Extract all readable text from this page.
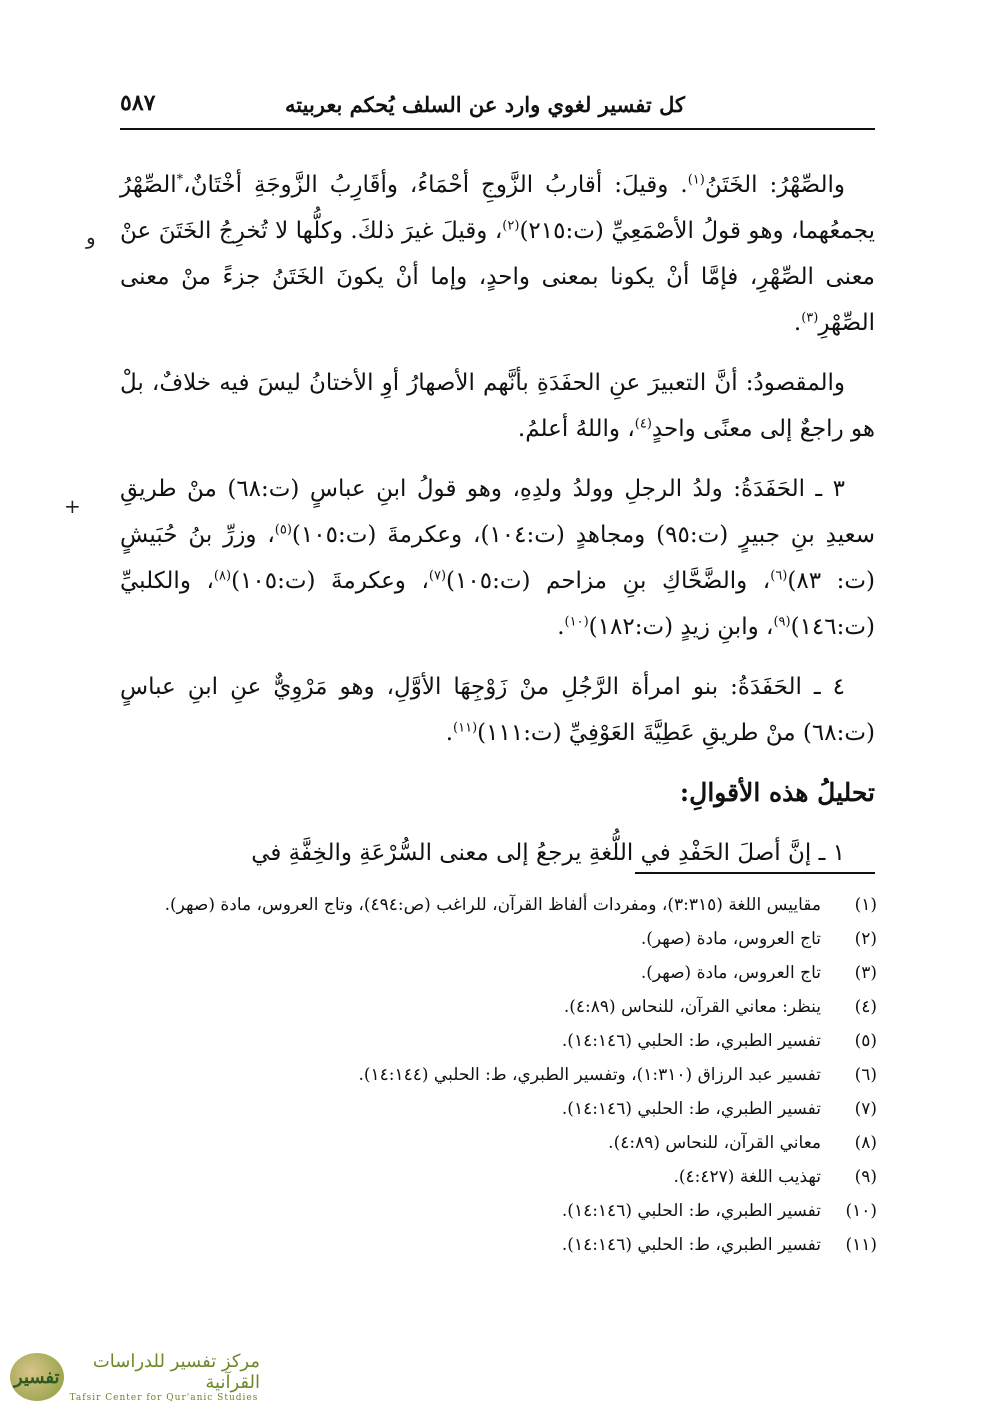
كل تفسير لغوي وارد عن السلف يُحكم بعربيته
٥٨٧
و
+

والصِّهْرُ: الخَتَنُ$^{(١)}$. وقيلَ: أقاربُ الزَّوجِ أحْمَاءُ، وأقَارِبُ الزَّوجَةِ أخْتَانٌ،*الصِّهْرُ يجمعُهما، وهو قولُ الأصْمَعِيِّ (ت:٢١٥)$^{(٢)}$، وقيلَ غيرَ ذلكَ. وكلُّها لا تُخرِجُ الخَتَنَ عنْ معنى الصِّهْرِ، فإمَّا أنْ يكونا بمعنى واحدٍ، وإما أنْ يكونَ الخَتَنُ جزءً منْ معنى الصِّهْرِ$^{(٣)}$.

والمقصودُ: أنَّ التعبيرَ عنِ الحفَدَةِ بأنَّهم الأصهارُ أوِ الأختانُ ليسَ فيه خلافٌ، بلْ هو راجعٌ إلى معنًى واحدٍ$^{(٤)}$، واللهُ أعلمُ.

٣ ـ الحَفَدَةُ: ولدُ الرجلِ وولدُ ولدِهِ، وهو قولُ ابنِ عباسٍ (ت:٦٨) منْ طريقِ سعيدِ بنِ جبيرٍ (ت:٩٥) ومجاهدٍ (ت:١٠٤)، وعكرمةَ (ت:١٠٥)$^{(٥)}$، وزرِّ بنُ حُبَيشٍ (ت: ٨٣)$^{(٦)}$، والضَّحَّاكِ بنِ مزاحم (ت:١٠٥)$^{(٧)}$، وعكرمةَ (ت:١٠٥)$^{(٨)}$، والكلبيِّ (ت:١٤٦)$^{(٩)}$، وابنِ زيدٍ (ت:١٨٢)$^{(١٠)}$.

٤ ـ الحَفَدَةُ: بنو امرأة الرَّجُلِ منْ زَوْجِهَا الأوَّلِ، وهو مَرْوِيٌّ عنِ ابنِ عباسٍ (ت:٦٨) منْ طريقِ عَطِيَّةَ العَوْفِيِّ (ت:١١١)$^{(١١)}$.

تحليلُ هذه الأقوالِ:

١ ـ إنَّ أصلَ الحَفْدِ في اللُّغةِ يرجعُ إلى معنى السُّرْعَةِ والخِفَّةِ في

(١)
مقاييس اللغة (٣:٣١٥)، ومفردات ألفاظ القرآن، للراغب (ص:٤٩٤)، وتاج العروس، مادة (صهر).
(٢)
تاج العروس، مادة (صهر).
(٣)
تاج العروس، مادة (صهر).
(٤)
ينظر: معاني القرآن، للنحاس (٤:٨٩).
(٥)
تفسير الطبري، ط: الحلبي (١٤:١٤٦).
(٦)
تفسير عبد الرزاق (١:٣١٠)، وتفسير الطبري، ط: الحلبي (١٤:١٤٤).
(٧)
تفسير الطبري، ط: الحلبي (١٤:١٤٦).
(٨)
معاني القرآن، للنحاس (٤:٨٩).
(٩)
تهذيب اللغة (٤:٤٢٧).
(١٠)
تفسير الطبري، ط: الحلبي (١٤:١٤٦).
(١١)
تفسير الطبري، ط: الحلبي (١٤:١٤٦).
تفسير
مركز تفسير للدراسات القرآنية
Tafsir Center for Qur'anic Studies
